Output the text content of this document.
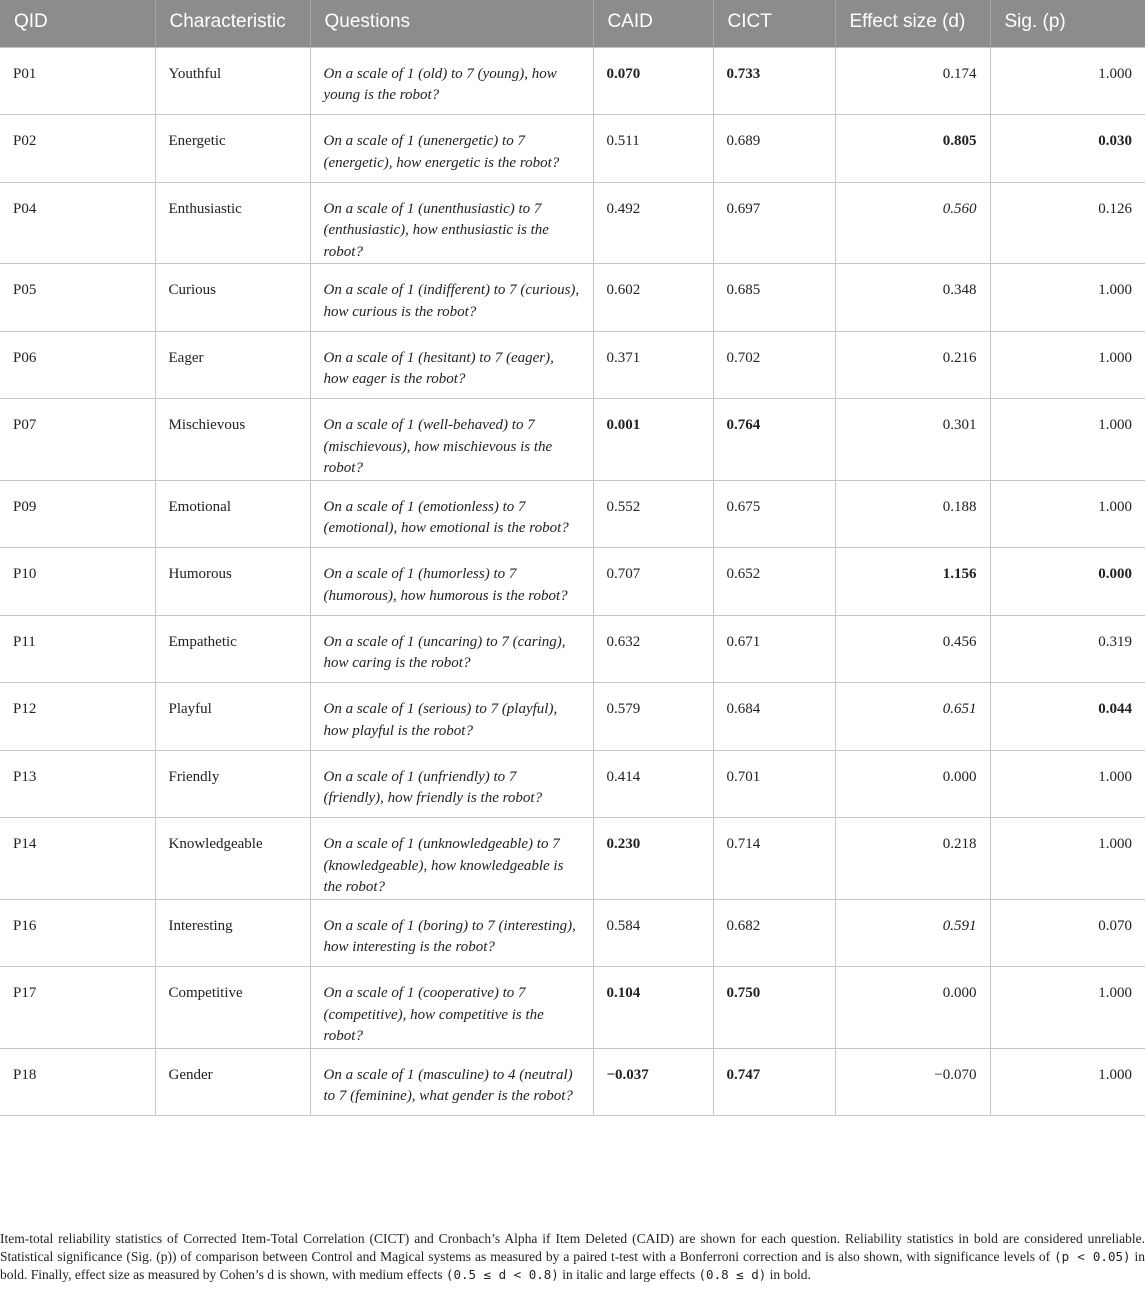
QID	Characteristic	Questions	CAID	CICT	Effect size (d)	Sig. (p)
P01	Youthful	On a scale of 1 (old) to 7 (young), how young is the robot?	0.070	0.733	0.174	1.000
P02	Energetic	On a scale of 1 (unenergetic) to 7 (energetic), how energetic is the robot?	0.511	0.689	0.805	0.030
P04	Enthusiastic	On a scale of 1 (unenthusiastic) to 7 (enthusiastic), how enthusiastic is the robot?	0.492	0.697	0.560	0.126
P05	Curious	On a scale of 1 (indifferent) to 7 (curious), how curious is the robot?	0.602	0.685	0.348	1.000
P06	Eager	On a scale of 1 (hesitant) to 7 (eager), how eager is the robot?	0.371	0.702	0.216	1.000
P07	Mischievous	On a scale of 1 (well-behaved) to 7 (mischievous), how mischievous is the robot?	0.001	0.764	0.301	1.000
P09	Emotional	On a scale of 1 (emotionless) to 7 (emotional), how emotional is the robot?	0.552	0.675	0.188	1.000
P10	Humorous	On a scale of 1 (humorless) to 7 (humorous), how humorous is the robot?	0.707	0.652	1.156	0.000
P11	Empathetic	On a scale of 1 (uncaring) to 7 (caring), how caring is the robot?	0.632	0.671	0.456	0.319
P12	Playful	On a scale of 1 (serious) to 7 (playful), how playful is the robot?	0.579	0.684	0.651	0.044
P13	Friendly	On a scale of 1 (unfriendly) to 7 (friendly), how friendly is the robot?	0.414	0.701	0.000	1.000
P14	Knowledgeable	On a scale of 1 (unknowledgeable) to 7 (knowledgeable), how knowledgeable is the robot?	0.230	0.714	0.218	1.000
P16	Interesting	On a scale of 1 (boring) to 7 (interesting), how interesting is the robot?	0.584	0.682	0.591	0.070
P17	Competitive	On a scale of 1 (cooperative) to 7 (competitive), how competitive is the robot?	0.104	0.750	0.000	1.000
P18	Gender	On a scale of 1 (masculine) to 4 (neutral) to 7 (feminine), what gender is the robot?	−0.037	0.747	−0.070	1.000

Item-total reliability statistics of Corrected Item-Total Correlation (CICT) and Cronbach’s Alpha if Item Deleted (CAID) are shown for each question. Reliability statistics in bold are considered unreliable. Statistical significance (Sig. (p)) of comparison between Control and Magical systems as measured by a paired t-test with a Bonferroni correction and is also shown, with significance levels of (p < 0.05) in bold. Finally, effect size as measured by Cohen’s d is shown, with medium effects (0.5 ≤ d < 0.8) in italic and large effects (0.8 ≤ d) in bold.
